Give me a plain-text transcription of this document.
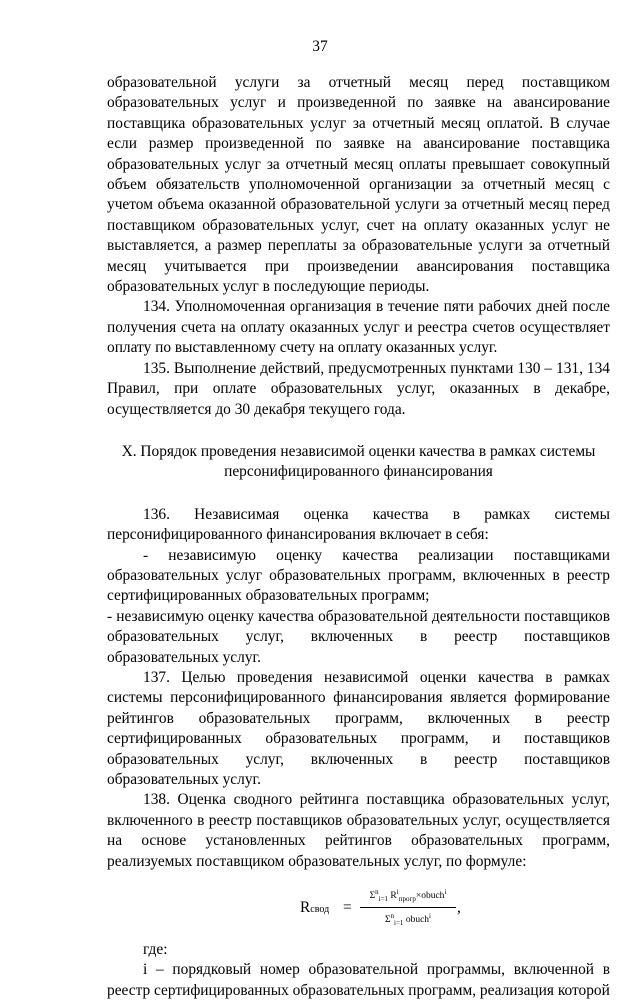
37

образовательной услуги за отчетный месяц перед поставщиком образовательных услуг и произведенной по заявке на авансирование поставщика образовательных услуг за отчетный месяц оплатой. В случае если размер произведенной по заявке на авансирование поставщика образовательных услуг за отчетный месяц оплаты превышает совокупный объем обязательств уполномоченной организации за отчетный месяц с учетом объема оказанной образовательной услуги за отчетный месяц перед поставщиком образовательных услуг, счет на оплату оказанных услуг не выставляется, а размер переплаты за образовательные услуги за отчетный месяц учитывается при произведении авансирования поставщика образовательных услуг в последующие периоды.

134. Уполномоченная организация в течение пяти рабочих дней после получения счета на оплату оказанных услуг и реестра счетов осуществляет оплату по выставленному счету на оплату оказанных услуг.

135. Выполнение действий, предусмотренных пунктами 130 – 131, 134 Правил, при оплате образовательных услуг, оказанных в декабре, осуществляется до 30 декабря текущего года.

X. Порядок проведения независимой оценки качества в рамках системы персонифицированного финансирования

136. Независимая оценка качества в рамках системы персонифицированного финансирования включает в себя:

- независимую оценку качества реализации поставщиками образовательных услуг образовательных программ, включенных в реестр сертифицированных образовательных программ;

- независимую оценку качества образовательной деятельности поставщиков образовательных услуг, включенных в реестр поставщиков образовательных услуг.

137. Целью проведения независимой оценки качества в рамках системы персонифицированного финансирования является формирование рейтингов образовательных программ, включенных в реестр сертифицированных образовательных программ, и поставщиков образовательных услуг, включенных в реестр поставщиков образовательных услуг.

138. Оценка сводного рейтинга поставщика образовательных услуг, включенного в реестр поставщиков образовательных услуг, осуществляется на основе установленных рейтингов образовательных программ, реализуемых поставщиком образовательных услуг, по формуле:

Rсвод =
$\Sigma^n_{i=1}$ $R^i_{прогр}\times obuch^i$
$\Sigma^n_{i=1}$ obuch$^i$
,

где:

i – порядковый номер образовательной программы, включенной в реестр сертифицированных образовательных программ, реализация которой
